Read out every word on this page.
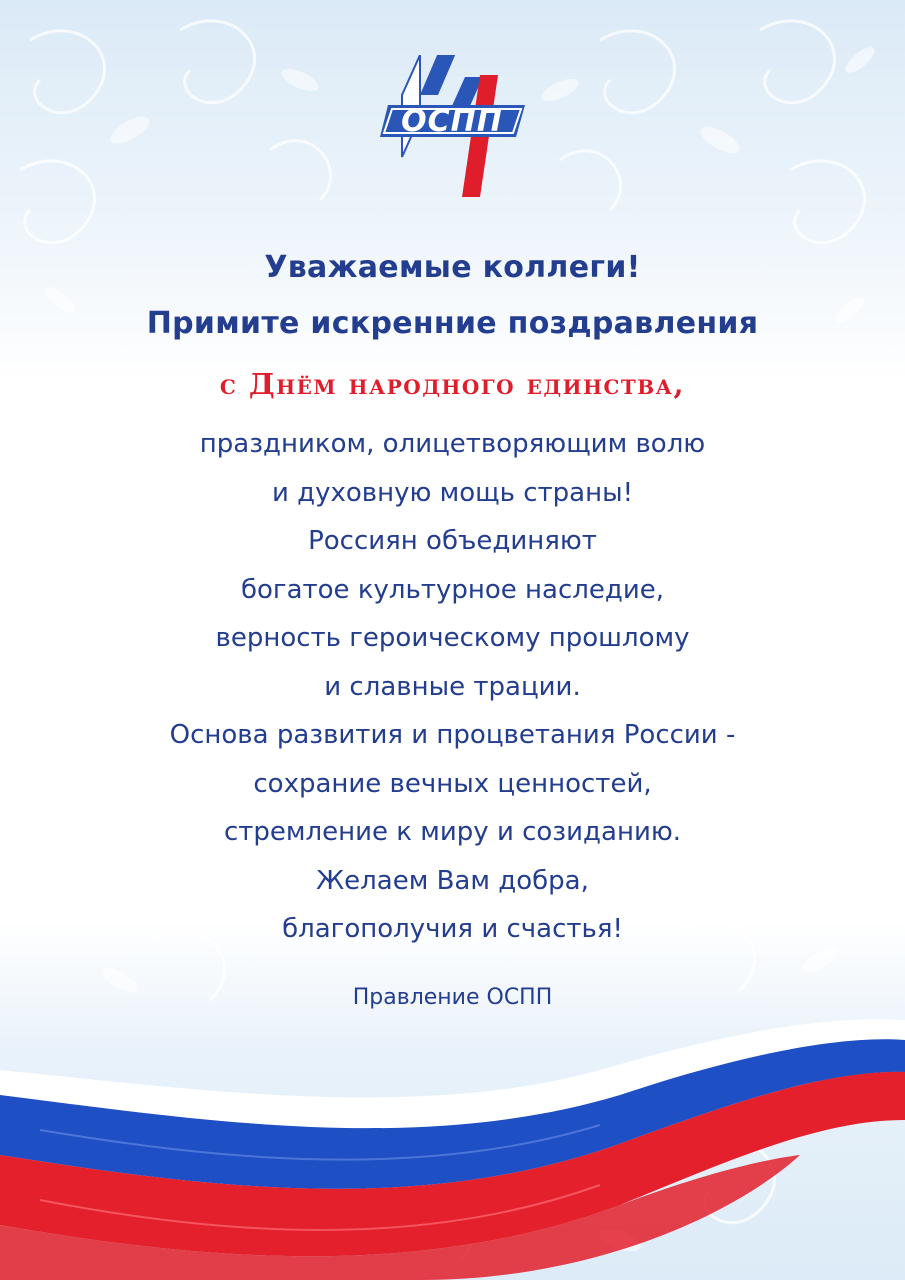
ОСПП

Уважаемые коллеги!

Примите искренние поздравления

с Днём народного единства,

праздником, олицетворяющим волю
и духовную мощь страны!
Россиян объединяют
богатое культурное наследие,
верность героическому прошлому
и славные трации.
Основа развития и процветания России -
сохрание вечных ценностей,
стремление к миру и созиданию.
Желаем Вам добра,
благополучия и счастья!
Правление ОСПП
